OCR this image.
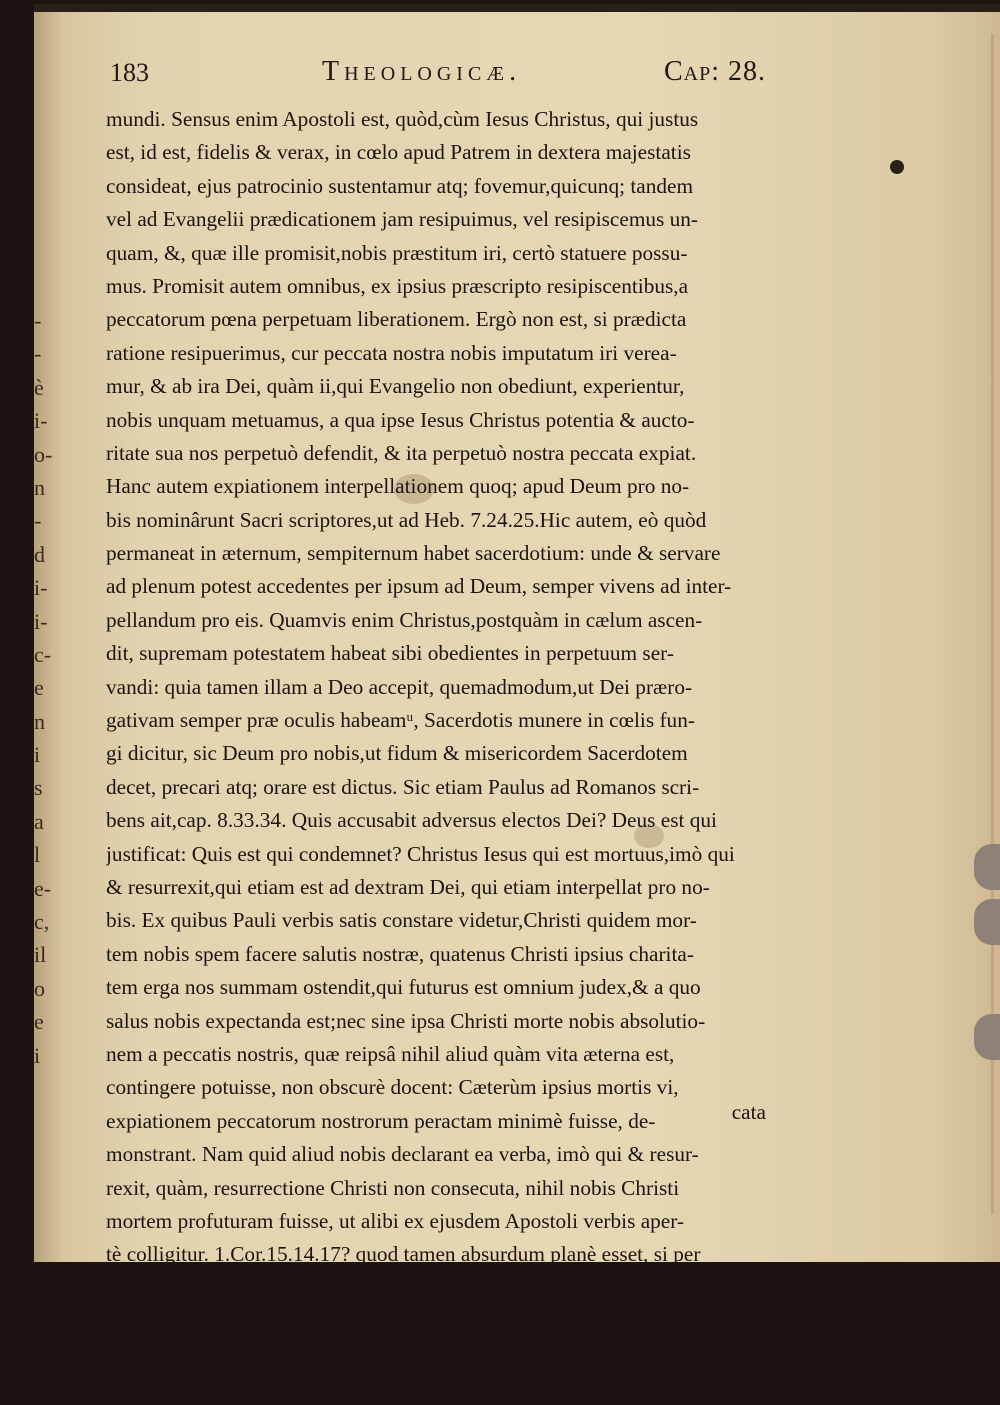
-
-
è
i-
o-
n
-
d
i-
i-
c-
e
n
i
s
a
l
e-
c,
il
o
e
i
183	Theologicæ.	Cap: 28.
mundi. Sensus enim Apostoli est, quòd,cùm Iesus Christus, qui justus
est, id est, fidelis & verax, in cœlo apud Patrem in dextera majestatis
consideat, ejus patrocinio sustentamur atq; fovemur,quicunq; tandem
vel ad Evangelii prædicationem jam resipuimus, vel resipiscemus un-
quam, &, quæ ille promisit,nobis præstitum iri, certò statuere possu-
mus. Promisit autem omnibus, ex ipsius præscripto resipiscentibus,a
peccatorum pœna perpetuam liberationem. Ergò non est, si prædicta
ratione resipuerimus, cur peccata nostra nobis imputatum iri verea-
mur, & ab ira Dei, quàm ii,qui Evangelio non obediunt, experientur,
nobis unquam metuamus, a qua ipse Iesus Christus potentia & aucto-
ritate sua nos perpetuò defendit, & ita perpetuò nostra peccata expiat.
Hanc autem expiationem interpellationem quoq; apud Deum pro no-
bis nominârunt Sacri scriptores,ut ad Heb. 7.24.25.Hic autem, eò quòd
permaneat in æternum, sempiternum habet sacerdotium: unde & servare
ad plenum potest accedentes per ipsum ad Deum, semper vivens ad inter-
pellandum pro eis. Quamvis enim Christus,postquàm in cælum ascen-
dit, supremam potestatem habeat sibi obedientes in perpetuum ser-
vandi: quia tamen illam a Deo accepit, quemadmodum,ut Dei præro-
gativam semper præ oculis habeamᵘ, Sacerdotis munere in cœlis fun-
gi dicitur, sic Deum pro nobis,ut fidum & misericordem Sacerdotem
decet, precari atq; orare est dictus. Sic etiam Paulus ad Romanos scri-
bens ait,cap. 8.33.34. Quis accusabit adversus electos Dei? Deus est qui
justificat: Quis est qui condemnet? Christus Iesus qui est mortuus,imò qui
& resurrexit,qui etiam est ad dextram Dei, qui etiam interpellat pro no-
bis. Ex quibus Pauli verbis satis constare videtur,Christi quidem mor-
tem nobis spem facere salutis nostræ, quatenus Christi ipsius charita-
tem erga nos summam ostendit,qui futurus est omnium judex,& a quo
salus nobis expectanda est;nec sine ipsa Christi morte nobis absolutio-
nem a peccatis nostris, quæ reipsâ nihil aliud quàm vita æterna est,
contingere potuisse, non obscurè docent: Cæterùm ipsius mortis vi,
expiationem peccatorum nostrorum peractam minimè fuisse, de-
monstrant. Nam quid aliud nobis declarant ea verba, imò qui & resur-
rexit, quàm, resurrectione Christi non consecuta, nihil nobis Christi
mortem profuturam fuisse, ut alibi ex ejusdem Apostoli verbis aper-
tè colligitur. 1.Cor.15.14.17? quod tamen absurdum planè esset, si per
Christi mortem expiatio peracta fuisset. Sed nec resurrexisse quidem
Christum satis futurum docent sequentia Apostoli verba: Qui & est ad
Dexteram Dei, &c. Necesse enim fuit ad hoc, ne nos condemnaremur,
(nam hac de re manifestè ait Paulus) quod idem est, atq; ut nostra pec-
cata
